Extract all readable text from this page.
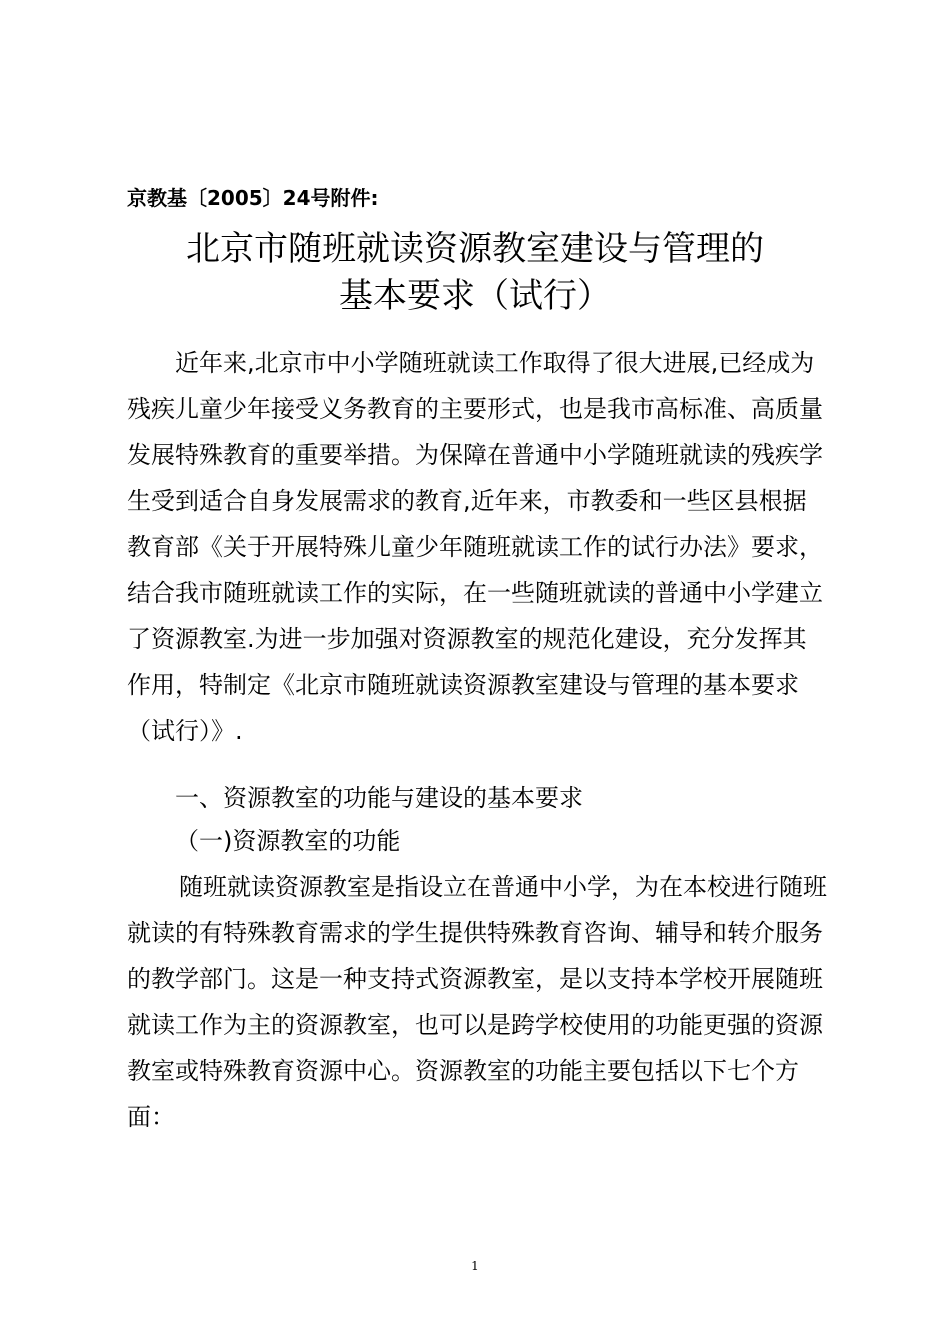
京教基〔2005〕24号附件:
北京市随班就读资源教室建设与管理的
基本要求（试行）
近年来,北京市中小学随班就读工作取得了很大进展,已经成为残疾儿童少年接受义务教育的主要形式，也是我市高标准、高质量发展特殊教育的重要举措。为保障在普通中小学随班就读的残疾学生受到适合自身发展需求的教育,近年来，市教委和一些区县根据教育部《关于开展特殊儿童少年随班就读工作的试行办法》要求，结合我市随班就读工作的实际，在一些随班就读的普通中小学建立了资源教室.为进一步加强对资源教室的规范化建设，充分发挥其作用，特制定《北京市随班就读资源教室建设与管理的基本要求（试行）》.
一、资源教室的功能与建设的基本要求
（一)资源教室的功能
随班就读资源教室是指设立在普通中小学，为在本校进行随班就读的有特殊教育需求的学生提供特殊教育咨询、辅导和转介服务的教学部门。这是一种支持式资源教室，是以支持本学校开展随班就读工作为主的资源教室，也可以是跨学校使用的功能更强的资源教室或特殊教育资源中心。资源教室的功能主要包括以下七个方面：
1
